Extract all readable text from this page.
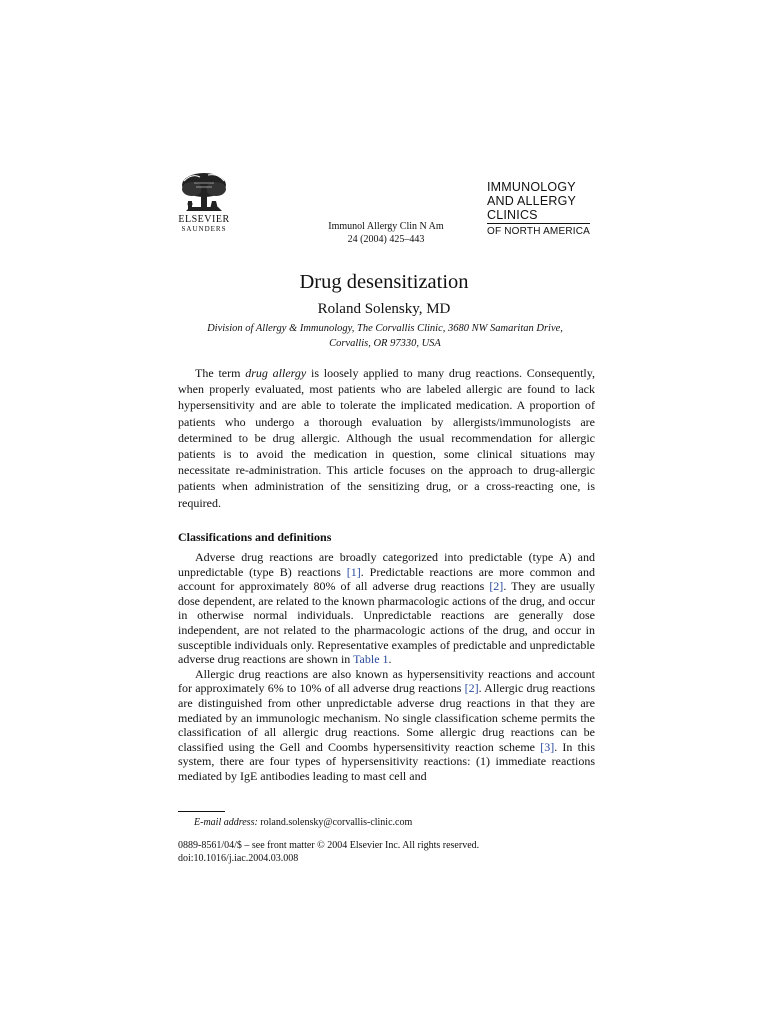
ELSEVIER
SAUNDERS	Immunol Allergy Clin N Am
24 (2004) 425–443
IMMUNOLOGY
AND ALLERGY
CLINICS
OF NORTH AMERICA
Drug desensitization
Roland Solensky, MD
Division of Allergy & Immunology, The Corvallis Clinic, 3680 NW Samaritan Drive,
Corvallis, OR 97330, USA

The term drug allergy is loosely applied to many drug reactions. Consequently, when properly evaluated, most patients who are labeled allergic are found to lack hypersensitivity and are able to tolerate the implicated medication. A proportion of patients who undergo a thorough evaluation by allergists/immunologists are determined to be drug allergic. Although the usual recommendation for allergic patients is to avoid the medication in question, some clinical situations may necessitate re-administration. This article focuses on the approach to drug-allergic patients when administration of the sensitizing drug, or a cross-reacting one, is required.

Classifications and definitions

Adverse drug reactions are broadly categorized into predictable (type A) and unpredictable (type B) reactions [1]. Predictable reactions are more common and account for approximately 80% of all adverse drug reactions [2]. They are usually dose dependent, are related to the known pharmacologic actions of the drug, and occur in otherwise normal individuals. Unpredictable reactions are generally dose independent, are not related to the pharmacologic actions of the drug, and occur in susceptible individuals only. Representative examples of predictable and unpredictable adverse drug reactions are shown in Table 1.

Allergic drug reactions are also known as hypersensitivity reactions and account for approximately 6% to 10% of all adverse drug reactions [2]. Allergic drug reactions are distinguished from other unpredictable adverse drug reactions in that they are mediated by an immunologic mechanism. No single classification scheme permits the classification of all allergic drug reactions. Some allergic drug reactions can be classified using the Gell and Coombs hypersensitivity reaction scheme [3]. In this system, there are four types of hypersensitivity reactions: (1) immediate reactions mediated by IgE antibodies leading to mast cell and

E-mail address: roland.solensky@corvallis-clinic.com
0889-8561/04/$ – see front matter © 2004 Elsevier Inc. All rights reserved.
doi:10.1016/j.iac.2004.03.008
